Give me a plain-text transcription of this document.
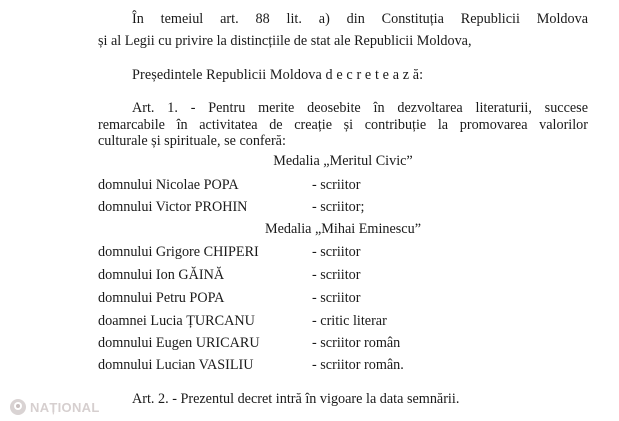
În temeiul art. 88 lit. a) din Constituția Republicii Moldova
și al Legii cu privire la distincțiile de stat ale Republicii Moldova,
Președintele Republicii Moldova d e c r e t e a z ă:
Art. 1. - Pentru merite deosebite în dezvoltarea literaturii, succese
remarcabile în activitatea de creație și contribuție la promovarea valorilor
culturale și spirituale, se conferă:
Medalia „Meritul Civic”
domnului Nicolae POPA	- scriitor
domnului Victor PROHIN	- scriitor;
Medalia „Mihai Eminescu”
domnului Grigore CHIPERI	- scriitor
domnului Ion GĂINĂ	- scriitor
domnului Petru POPA	- scriitor
doamnei Lucia ȚURCANU	- critic literar
domnului Eugen URICARU	- scriitor român
domnului Lucian VASILIU	- scriitor român.
Art. 2. - Prezentul decret intră în vigoare la data semnării.
NAȚIONAL
